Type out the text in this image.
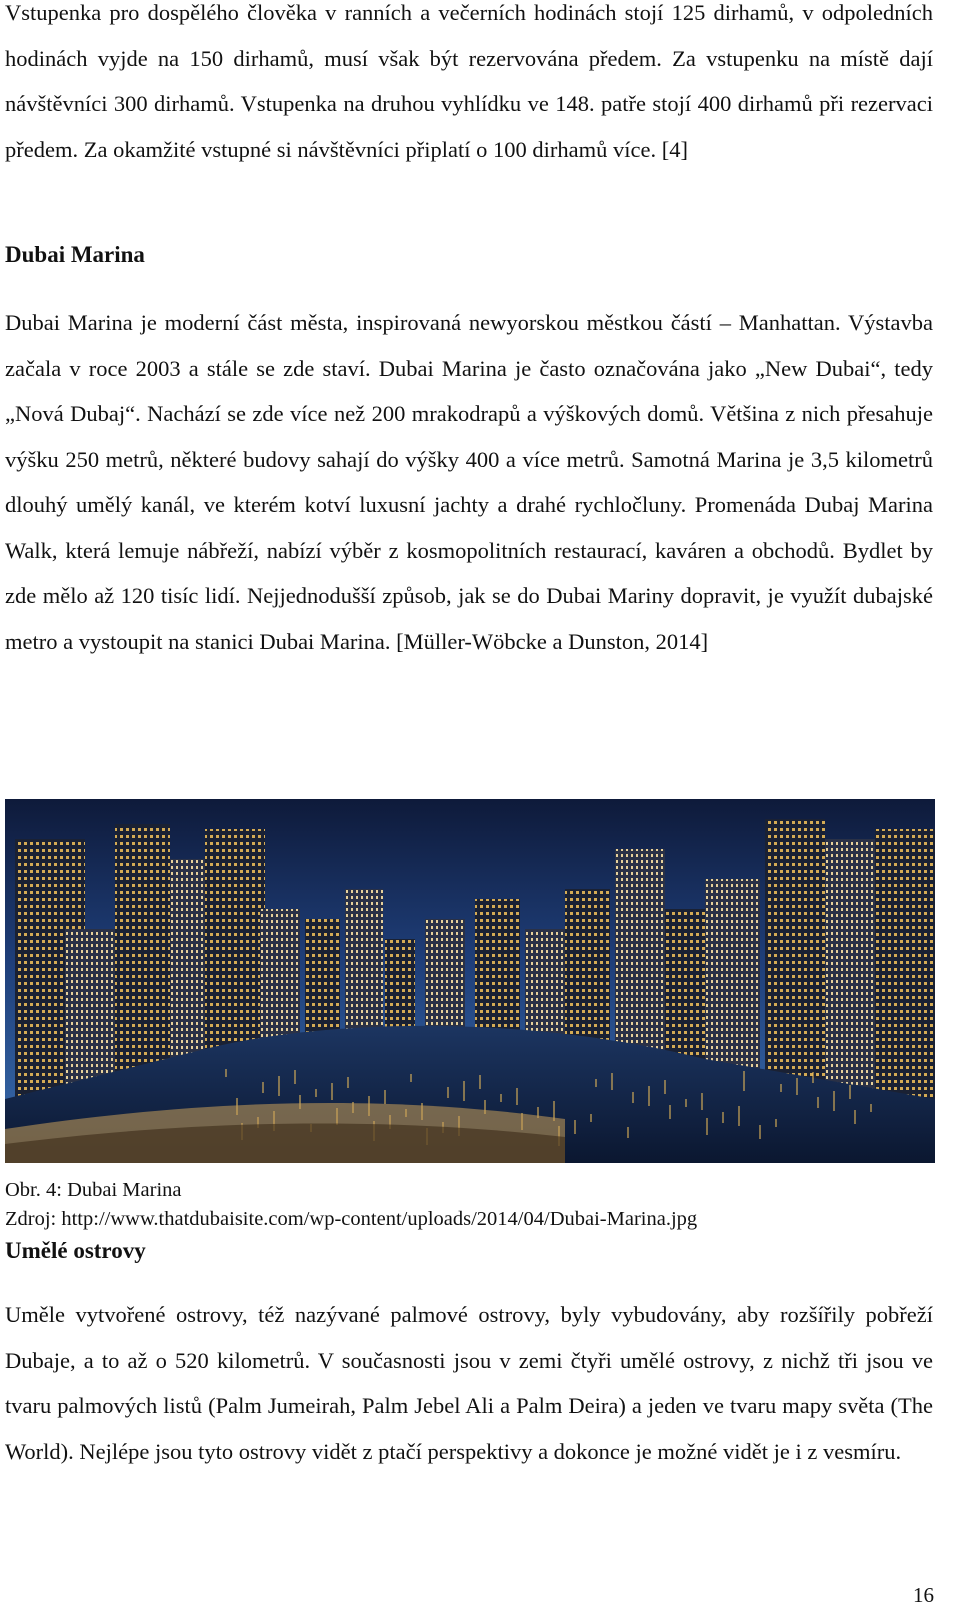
Vstupenka pro dospělého člověka v ranních a večerních hodinách stojí 125 dirhamů, v odpoledních hodinách vyjde na 150 dirhamů, musí však být rezervována předem. Za vstupenku na místě dají návštěvníci 300 dirhamů. Vstupenka na druhou vyhlídku ve 148. patře stojí 400 dirhamů při rezervaci předem. Za okamžité vstupné si návštěvníci připlatí o 100 dirhamů více. [4]

Dubai Marina

Dubai Marina je moderní část města, inspirovaná newyorskou městkou částí – Manhattan. Výstavba začala v roce 2003 a stále se zde staví. Dubai Marina je často označována jako „New Dubai“, tedy „Nová Dubaj“. Nachází se zde více než 200 mrakodrapů a výškových domů. Většina z nich přesahuje výšku 250 metrů, některé budovy sahají do výšky 400 a více metrů. Samotná Marina je 3,5 kilometrů dlouhý umělý kanál, ve kterém kotví luxusní jachty a drahé rychločluny. Promenáda Dubaj Marina Walk, která lemuje nábřeží, nabízí výběr z kosmopolitních restaurací, kaváren a obchodů. Bydlet by zde mělo až 120 tisíc lidí. Nejjednodušší způsob, jak se do Dubai Mariny dopravit, je využít dubajské metro a vystoupit na stanici Dubai Marina. [Müller-Wöbcke a Dunston, 2014]

Obr. 4: Dubai Marina

Zdroj: http://www.thatdubaisite.com/wp-content/uploads/2014/04/Dubai-Marina.jpg

Umělé ostrovy

Uměle vytvořené ostrovy, též nazývané palmové ostrovy, byly vybudovány, aby rozšířily pobřeží Dubaje, a to až o 520 kilometrů. V současnosti jsou v zemi čtyři umělé ostrovy, z nichž tři jsou ve tvaru palmových listů (Palm Jumeirah, Palm Jebel Ali a Palm Deira) a jeden ve tvaru mapy světa (The World). Nejlépe jsou tyto ostrovy vidět z ptačí perspektivy a dokonce je možné vidět je i z vesmíru.

16
